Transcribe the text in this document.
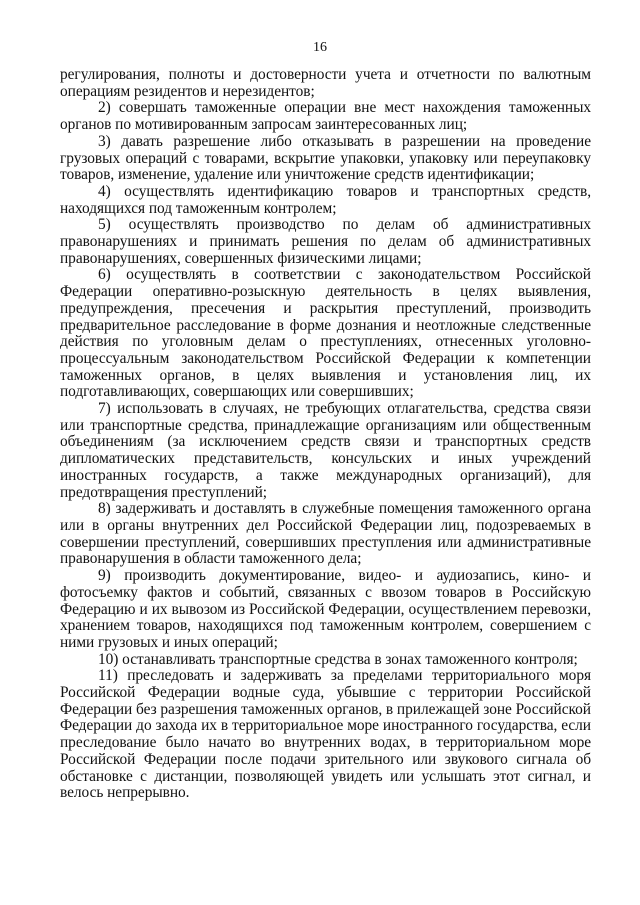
16

регулирования, полноты и достоверности учета и отчетности по валютным операциям резидентов и нерезидентов;

2) совершать таможенные операции вне мест нахождения таможенных органов по мотивированным запросам заинтересованных лиц;

3) давать разрешение либо отказывать в разрешении на проведение грузовых операций с товарами, вскрытие упаковки, упаковку или переупаковку товаров, изменение, удаление или уничтожение средств идентификации;

4) осуществлять идентификацию товаров и транспортных средств, находящихся под таможенным контролем;

5) осуществлять производство по делам об административных правонарушениях и принимать решения по делам об административных правонарушениях, совершенных физическими лицами;

6) осуществлять в соответствии с законодательством Российской Федерации оперативно-розыскную деятельность в целях выявления, предупреждения, пресечения и раскрытия преступлений, производить предварительное расследование в форме дознания и неотложные следственные действия по уголовным делам о преступлениях, отнесенных уголовно-процессуальным законодательством Российской Федерации к компетенции таможенных органов, в целях выявления и установления лиц, их подготавливающих, совершающих или совершивших;

7) использовать в случаях, не требующих отлагательства, средства связи или транспортные средства, принадлежащие организациям или общественным объединениям (за исключением средств связи и транспортных средств дипломатических представительств, консульских и иных учреждений иностранных государств, а также международных организаций), для предотвращения преступлений;

8) задерживать и доставлять в служебные помещения таможенного органа или в органы внутренних дел Российской Федерации лиц, подозреваемых в совершении преступлений, совершивших преступления или административные правонарушения в области таможенного дела;

9) производить документирование, видео- и аудиозапись, кино- и фотосъемку фактов и событий, связанных с ввозом товаров в Российскую Федерацию и их вывозом из Российской Федерации, осуществлением перевозки, хранением товаров, находящихся под таможенным контролем, совершением с ними грузовых и иных операций;

10) останавливать транспортные средства в зонах таможенного контроля;

11) преследовать и задерживать за пределами территориального моря Российской Федерации водные суда, убывшие с территории Российской Федерации без разрешения таможенных органов, в прилежащей зоне Российской Федерации до захода их в территориальное море иностранного государства, если преследование было начато во внутренних водах, в территориальном море Российской Федерации после подачи зрительного или звукового сигнала об обстановке с дистанции, позволяющей увидеть или услышать этот сигнал, и велось непрерывно.
